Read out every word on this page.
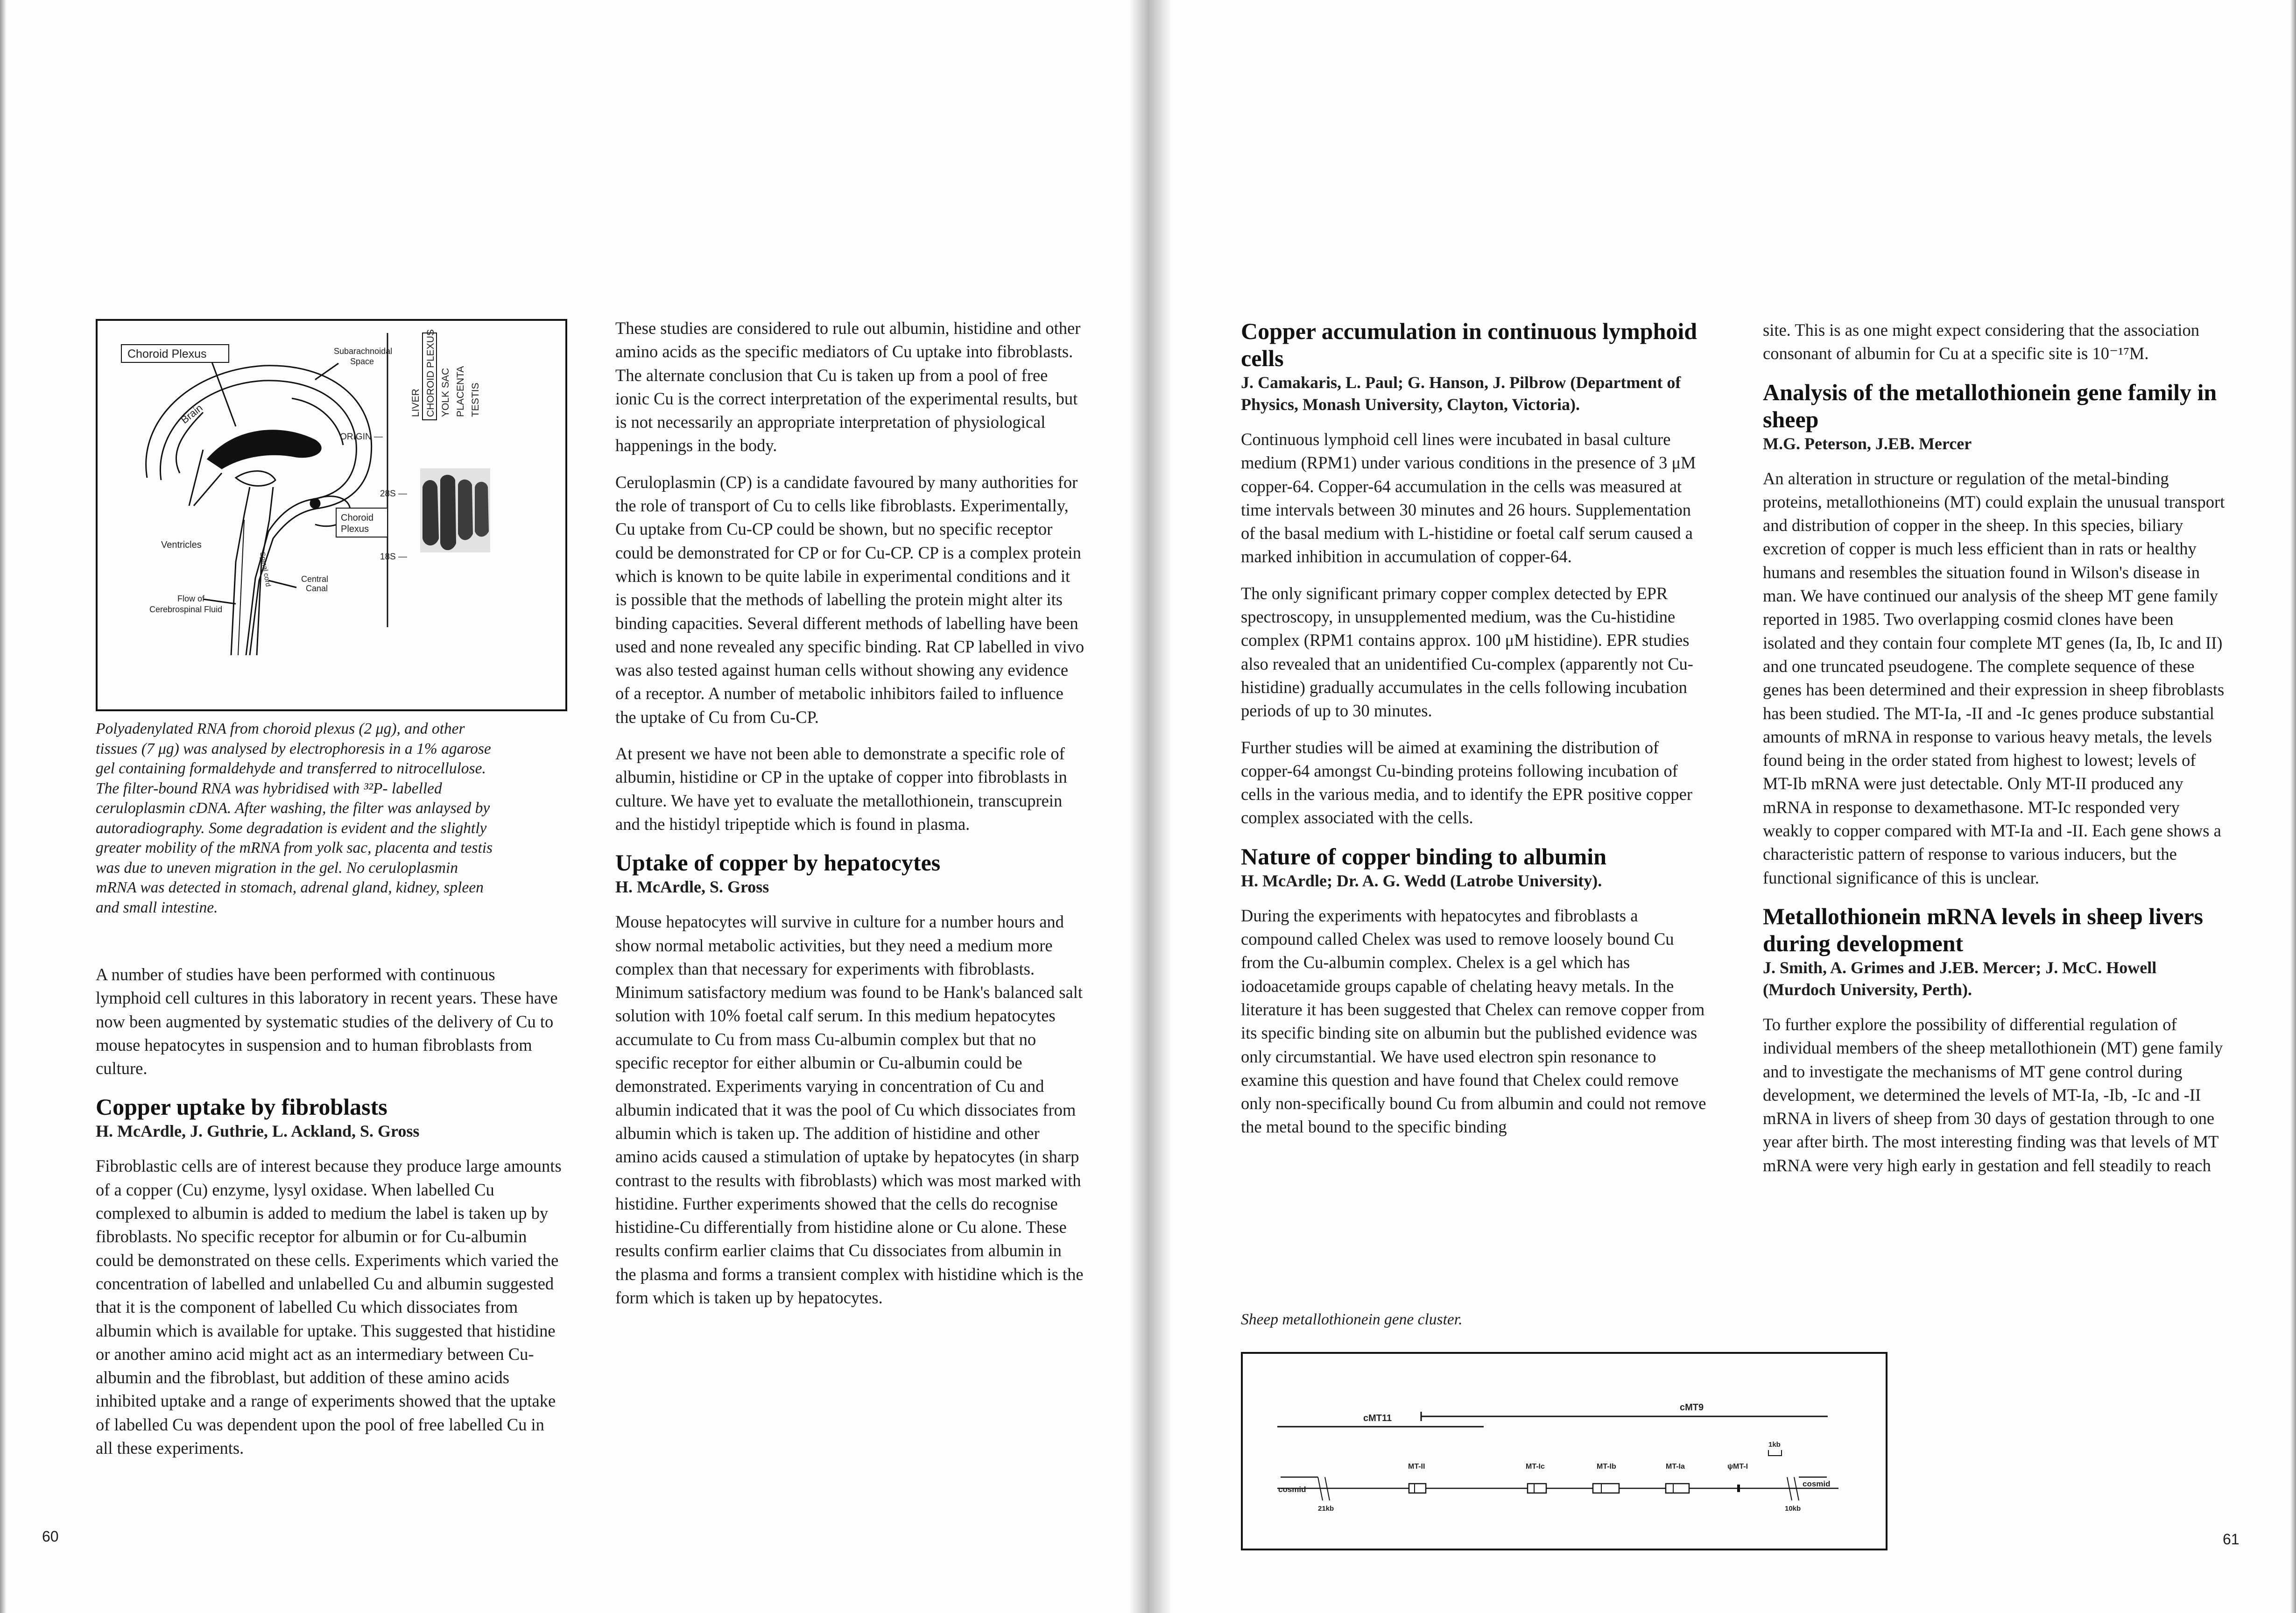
Choroid Plexus	Subarachnoidal
Space
Brain
Choroid
Plexus
Ventricles
Central
Canal
Flow of
Cerebrospinal Fluid
Spinal cord
LIVER CHOROID PLEXUS YOLK SAC PLACENTA TESTIS
ORIGIN —
28S —
18S —

Polyadenylated RNA from choroid plexus (2 μg), and other

tissues (7 μg) was analysed by electrophoresis in a 1% agarose

gel containing formaldehyde and transferred to nitrocellulose.

The filter-bound RNA was hybridised with ³²P- labelled

ceruloplasmin cDNA. After washing, the filter was anlaysed by

autoradiography. Some degradation is evident and the slightly

greater mobility of the mRNA from yolk sac, placenta and testis

was due to uneven migration in the gel. No ceruloplasmin

mRNA was detected in stomach, adrenal gland, kidney, spleen

and small intestine.

A number of studies have been performed with continuous lymphoid cell cultures in this laboratory in recent years. These have now been augmented by systematic studies of the delivery of Cu to mouse hepatocytes in suspension and to human fibroblasts from culture.

Copper uptake by fibroblasts

H. McArdle, J. Guthrie, L. Ackland, S. Gross

Fibroblastic cells are of interest because they produce large amounts of a copper (Cu) enzyme, lysyl oxidase. When labelled Cu complexed to albumin is added to medium the label is taken up by fibroblasts. No specific receptor for albumin or for Cu-albumin could be demonstrated on these cells. Experiments which varied the concentration of labelled and unlabelled Cu and albumin suggested that it is the component of labelled Cu which dissociates from albumin which is available for uptake. This suggested that histidine or another amino acid might act as an intermediary between Cu-albumin and the fibroblast, but addition of these amino acids inhibited uptake and a range of experiments showed that the uptake of labelled Cu was dependent upon the pool of free labelled Cu in all these experiments.

These studies are considered to rule out albumin, histidine and other amino acids as the specific mediators of Cu uptake into fibroblasts. The alternate conclusion that Cu is taken up from a pool of free ionic Cu is the correct interpretation of the experimental results, but is not necessarily an appropriate interpretation of physiological happenings in the body.

Ceruloplasmin (CP) is a candidate favoured by many authorities for the role of transport of Cu to cells like fibroblasts. Experimentally, Cu uptake from Cu-CP could be shown, but no specific receptor could be demonstrated for CP or for Cu-CP. CP is a complex protein which is known to be quite labile in experimental conditions and it is possible that the methods of labelling the protein might alter its binding capacities. Several different methods of labelling have been used and none revealed any specific binding. Rat CP labelled in vivo was also tested against human cells without showing any evidence of a receptor. A number of metabolic inhibitors failed to influence the uptake of Cu from Cu-CP.

At present we have not been able to demonstrate a specific role of albumin, histidine or CP in the uptake of copper into fibroblasts in culture. We have yet to evaluate the metallothionein, transcuprein and the histidyl tripeptide which is found in plasma.

Uptake of copper by hepatocytes

H. McArdle, S. Gross

Mouse hepatocytes will survive in culture for a number hours and show normal metabolic activities, but they need a medium more complex than that necessary for experiments with fibroblasts. Minimum satisfactory medium was found to be Hank's balanced salt solution with 10% foetal calf serum. In this medium hepatocytes accumulate to Cu from mass Cu-albumin complex but that no specific receptor for either albumin or Cu-albumin could be demonstrated. Experiments varying in concentration of Cu and albumin indicated that it was the pool of Cu which dissociates from albumin which is taken up. The addition of histidine and other amino acids caused a stimulation of uptake by hepatocytes (in sharp contrast to the results with fibroblasts) which was most marked with histidine. Further experiments showed that the cells do recognise histidine-Cu differentially from histidine alone or Cu alone. These results confirm earlier claims that Cu dissociates from albumin in the plasma and forms a transient complex with histidine which is the form which is taken up by hepatocytes.

60
Copper accumulation in continuous lymphoid cells

J. Camakaris, L. Paul; G. Hanson, J. Pilbrow (Department of Physics, Monash University, Clayton, Victoria).

Continuous lymphoid cell lines were incubated in basal culture medium (RPM1) under various conditions in the presence of 3 μM copper-64. Copper-64 accumulation in the cells was measured at time intervals between 30 minutes and 26 hours. Supplementation of the basal medium with L-histidine or foetal calf serum caused a marked inhibition in accumulation of copper-64.

The only significant primary copper complex detected by EPR spectroscopy, in unsupplemented medium, was the Cu-histidine complex (RPM1 contains approx. 100 μM histidine). EPR studies also revealed that an unidentified Cu-complex (apparently not Cu-histidine) gradually accumulates in the cells following incubation periods of up to 30 minutes.

Further studies will be aimed at examining the distribution of copper-64 amongst Cu-binding proteins following incubation of cells in the various media, and to identify the EPR positive copper complex associated with the cells.

Nature of copper binding to albumin

H. McArdle; Dr. A. G. Wedd (Latrobe University).

During the experiments with hepatocytes and fibroblasts a compound called Chelex was used to remove loosely bound Cu from the Cu-albumin complex. Chelex is a gel which has iodoacetamide groups capable of chelating heavy metals. In the literature it has been suggested that Chelex can remove copper from its specific binding site on albumin but the published evidence was only circumstantial. We have used electron spin resonance to examine this question and have found that Chelex could remove only non-specifically bound Cu from albumin and could not remove the metal bound to the specific binding

site. This is as one might expect considering that the association consonant of albumin for Cu at a specific site is 10⁻¹⁷M.

Analysis of the metallothionein gene family in sheep

M.G. Peterson, J.EB. Mercer

An alteration in structure or regulation of the metal-binding proteins, metallothioneins (MT) could explain the unusual transport and distribution of copper in the sheep. In this species, biliary excretion of copper is much less efficient than in rats or healthy humans and resembles the situation found in Wilson's disease in man. We have continued our analysis of the sheep MT gene family reported in 1985. Two overlapping cosmid clones have been isolated and they contain four complete MT genes (Ia, Ib, Ic and II) and one truncated pseudogene. The complete sequence of these genes has been determined and their expression in sheep fibroblasts has been studied. The MT-Ia, -II and -Ic genes produce substantial amounts of mRNA in response to various heavy metals, the levels found being in the order stated from highest to lowest; levels of MT-Ib mRNA were just detectable. Only MT-II produced any mRNA in response to dexamethasone. MT-Ic responded very weakly to copper compared with MT-Ia and -II. Each gene shows a characteristic pattern of response to various inducers, but the functional significance of this is unclear.

Metallothionein mRNA levels in sheep livers during development

J. Smith, A. Grimes and J.EB. Mercer; J. McC. Howell (Murdoch University, Perth).

To further explore the possibility of differential regulation of individual members of the sheep metallothionein (MT) gene family and to investigate the mechanisms of MT gene control during development, we determined the levels of MT-Ia, -Ib, -Ic and -II mRNA in livers of sheep from 30 days of gestation through to one year after birth. The most interesting finding was that levels of MT mRNA were very high early in gestation and fell steadily to reach

Sheep metallothionein gene cluster.

cMT11
cMT9
cosmid
21kb
cosmid
10kb
1kb
MT-II	MT-Ic	MT-Ib	MT-Ia	ψMT-I
61
